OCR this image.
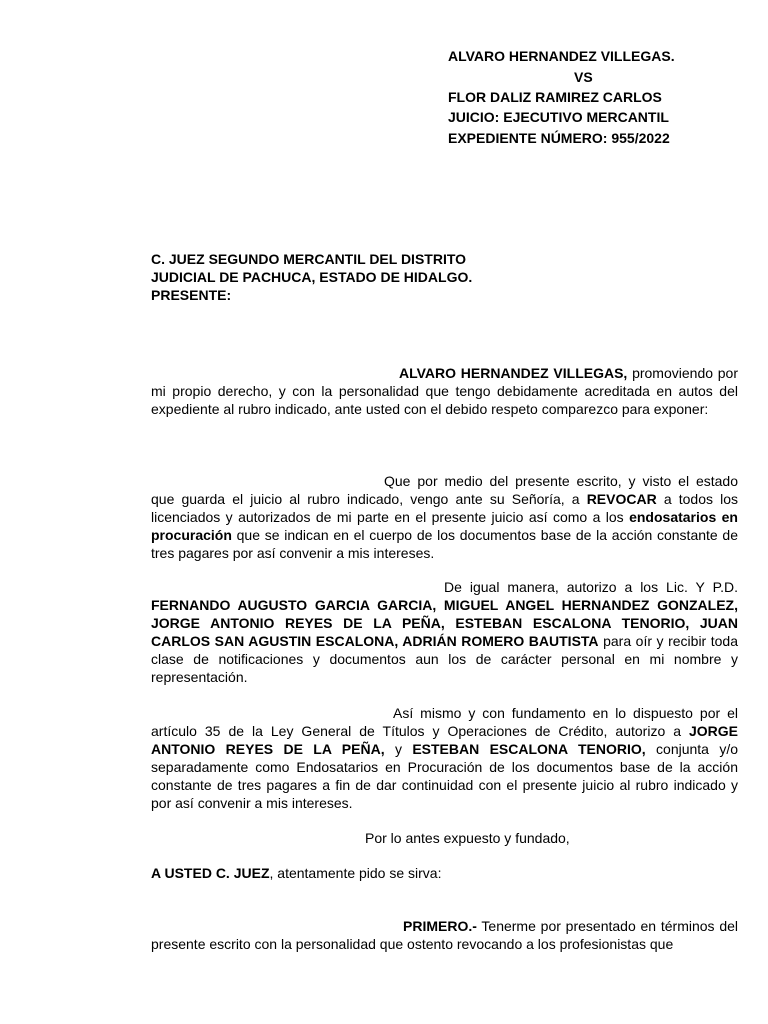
ALVARO HERNANDEZ VILLEGAS.
VS
FLOR DALIZ RAMIREZ CARLOS
JUICIO: EJECUTIVO MERCANTIL
EXPEDIENTE NÚMERO: 955/2022
C. JUEZ SEGUNDO MERCANTIL DEL DISTRITO
JUDICIAL DE PACHUCA, ESTADO DE HIDALGO.
PRESENTE:
ALVARO HERNANDEZ VILLEGAS, promoviendo por mi propio derecho, y con la personalidad que tengo debidamente acreditada en autos del expediente al rubro indicado, ante usted con el debido respeto comparezco para exponer:
Que por medio del presente escrito, y visto el estado que guarda el juicio al rubro indicado, vengo ante su Señoría, a REVOCAR a todos los licenciados y autorizados de mi parte en el presente juicio así como a los endosatarios en procuración que se indican en el cuerpo de los documentos base de la acción constante de tres pagares por así convenir a mis intereses.
De igual manera, autorizo a los Lic. Y P.D. FERNANDO AUGUSTO GARCIA GARCIA, MIGUEL ANGEL HERNANDEZ GONZALEZ, JORGE ANTONIO REYES DE LA PEÑA, ESTEBAN ESCALONA TENORIO, JUAN CARLOS SAN AGUSTIN ESCALONA, ADRIÁN ROMERO BAUTISTA para oír y recibir toda clase de notificaciones y documentos aun los de carácter personal en mi nombre y representación.
Así mismo y con fundamento en lo dispuesto por el artículo 35 de la Ley General de Títulos y Operaciones de Crédito, autorizo a JORGE ANTONIO REYES DE LA PEÑA, y ESTEBAN ESCALONA TENORIO, conjunta y/o separadamente como Endosatarios en Procuración de los documentos base de la acción constante de tres pagares a fin de dar continuidad con el presente juicio al rubro indicado y por así convenir a mis intereses.
Por lo antes expuesto y fundado,
A USTED C. JUEZ, atentamente pido se sirva:
PRIMERO.- Tenerme por presentado en términos del presente escrito con la personalidad que ostento revocando a los profesionistas que
